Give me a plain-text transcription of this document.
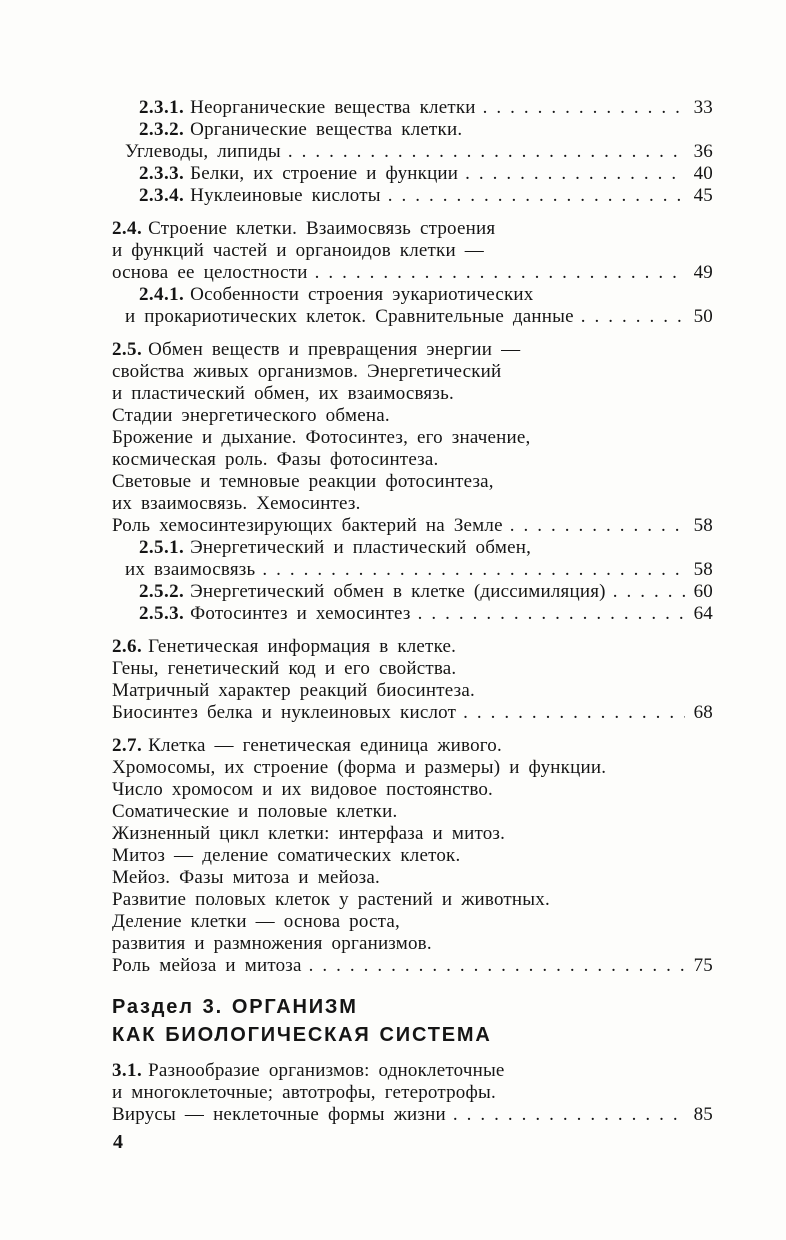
2.3.1. Неорганические вещества клетки .....	33
2.3.2. Органические вещества клетки.
Углеводы, липиды .....	36
2.3.3. Белки, их строение и функции .....	40
2.3.4. Нуклеиновые кислоты .....	45
2.4. Строение клетки. Взаимосвязь строения
и функций частей и органоидов клетки —
основа ее целостности .....	49
2.4.1. Особенности строения эукариотических
и прокариотических клеток. Сравнительные данные .....	50
2.5. Обмен веществ и превращения энергии —
свойства живых организмов. Энергетический
и пластический обмен, их взаимосвязь.
Стадии энергетического обмена.
Брожение и дыхание. Фотосинтез, его значение,
космическая роль. Фазы фотосинтеза.
Световые и темновые реакции фотосинтеза,
их взаимосвязь. Хемосинтез.
Роль хемосинтезирующих бактерий на Земле .....	58
2.5.1. Энергетический и пластический обмен,
их взаимосвязь .....	58
2.5.2. Энергетический обмен в клетке (диссимиляция) .....	60
2.5.3. Фотосинтез и хемосинтез .....	64
2.6. Генетическая информация в клетке.
Гены, генетический код и его свойства.
Матричный характер реакций биосинтеза.
Биосинтез белка и нуклеиновых кислот .....	68
2.7. Клетка — генетическая единица живого.
Хромосомы, их строение (форма и размеры) и функции.
Число хромосом и их видовое постоянство.
Соматические и половые клетки.
Жизненный цикл клетки: интерфаза и митоз.
Митоз — деление соматических клеток.
Мейоз. Фазы митоза и мейоза.
Развитие половых клеток у растений и животных.
Деление клетки — основа роста,
развития и размножения организмов.
Роль мейоза и митоза .....	75
Раздел 3. ОРГАНИЗМ
КАК БИОЛОГИЧЕСКАЯ СИСТЕМА
3.1. Разнообразие организмов: одноклеточные
и многоклеточные; автотрофы, гетеротрофы.
Вирусы — неклеточные формы жизни .....	85
4
